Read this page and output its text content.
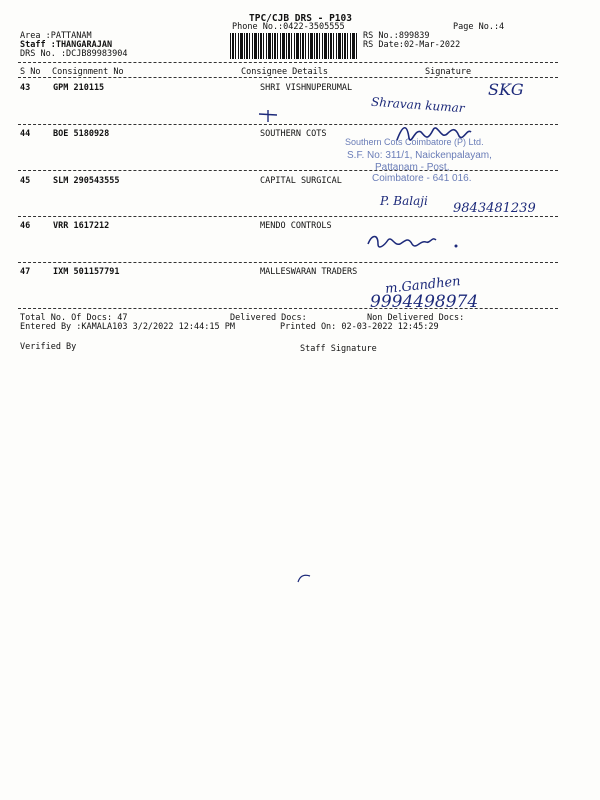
TPC/CJB DRS - P103
Phone No.:0422-3505555	Page No.:4
Area :PATTANAM
Staff :THANGARAJAN
DRS No. :DCJB89983904
RS No.:899839
RS Date:02-Mar-2022
S No Consignment No	Consignee Details	Signature
43	GPM 210115	SHRI VISHNUPERUMAL
Shravan kumar
SKG
44	BOE 5180928	SOUTHERN COTS
Southern Cots Coimbatore (P) Ltd.
S.F. No: 311/1, Naickenpalayam,
Pattanam - Post,
Coimbatore - 641 016.
45	SLM 290543555	CAPITAL SURGICAL
P. Balaji 9843481239
46	VRR 1617212	MENDO CONTROLS
47	IXM 501157791	MALLESWARAN TRADERS
m.Gandhen
9994498974
Total No. Of Docs: 47	Delivered Docs:	Non Delivered Docs:
Entered By :KAMALA103 3/2/2022 12:44:15 PM	Printed On: 02-03-2022 12:45:29
Verified By	Staff Signature
